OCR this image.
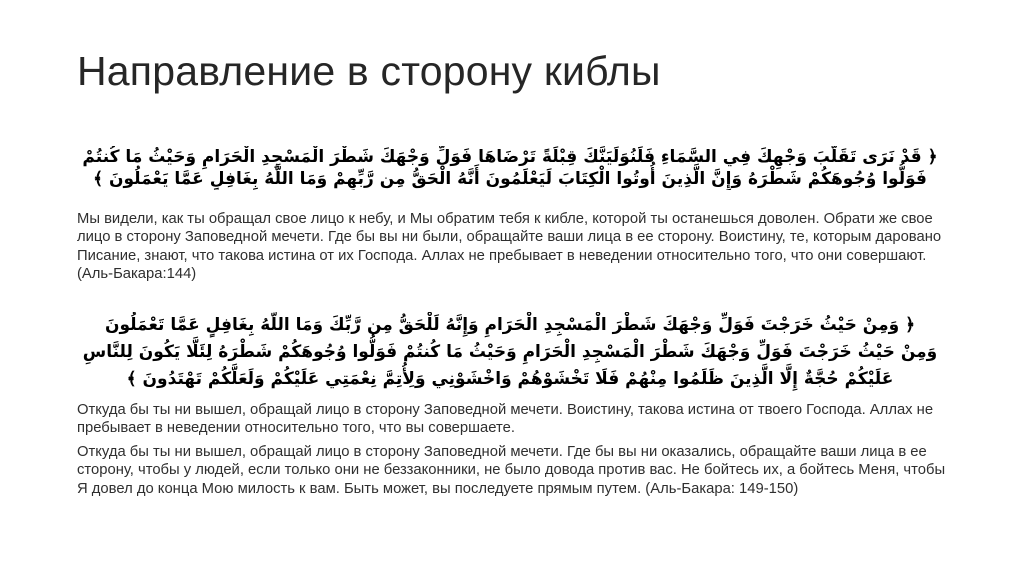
Направление в сторону киблы
﴿ قَدْ نَرَى تَقَلُّبَ وَجْهِكَ فِي السَّمَاءِ فَلَنُوَلِّيَنَّكَ قِبْلَةً تَرْضَاهَا فَوَلِّ وَجْهَكَ شَطْرَ الْمَسْجِدِ الْحَرَامِ وَحَيْثُ مَا كُنتُمْ
فَوَلُّوا وُجُوهَكُمْ شَطْرَهُ وَإِنَّ الَّذِينَ أُوتُوا الْكِتَابَ لَيَعْلَمُونَ أَنَّهُ الْحَقُّ مِن رَّبِّهِمْ وَمَا اللَّهُ بِغَافِلٍ عَمَّا يَعْمَلُونَ ﴾

Мы видели, как ты обращал свое лицо к небу, и Мы обратим тебя к кибле, которой ты останешься доволен. Обрати же свое лицо в сторону Заповедной мечети. Где бы вы ни были, обращайте ваши лица в ее сторону. Воистину, те, которым даровано Писание, знают, что такова истина от их Господа. Аллах не пребывает в неведении относительно того, что они совершают. (Аль-Бакара:144)

﴿ وَمِنْ حَيْثُ خَرَجْتَ فَوَلِّ وَجْهَكَ شَطْرَ الْمَسْجِدِ الْحَرَامِ وَإِنَّهُ لَلْحَقُّ مِن رَّبِّكَ وَمَا اللَّهُ بِغَافِلٍ عَمَّا تَعْمَلُونَ
وَمِنْ حَيْثُ خَرَجْتَ فَوَلِّ وَجْهَكَ شَطْرَ الْمَسْجِدِ الْحَرَامِ وَحَيْثُ مَا كُنتُمْ فَوَلُّوا وُجُوهَكُمْ شَطْرَهُ لِئَلَّا يَكُونَ لِلنَّاسِ
عَلَيْكُمْ حُجَّةٌ إِلَّا الَّذِينَ ظَلَمُوا مِنْهُمْ فَلَا تَخْشَوْهُمْ وَاخْشَوْنِي وَلِأُتِمَّ نِعْمَتِي عَلَيْكُمْ وَلَعَلَّكُمْ تَهْتَدُونَ ﴾

Откуда бы ты ни вышел, обращай лицо в сторону Заповедной мечети. Воистину, такова истина от твоего Господа. Аллах не пребывает в неведении относительно того, что вы совершаете.

Откуда бы ты ни вышел, обращай лицо в сторону Заповедной мечети. Где бы вы ни оказались, обращайте ваши лица в ее сторону, чтобы у людей, если только они не беззаконники, не было довода против вас. Не бойтесь их, а бойтесь Меня, чтобы Я довел до конца Мою милость к вам. Быть может, вы последуете прямым путем. (Аль-Бакара: 149-150)
